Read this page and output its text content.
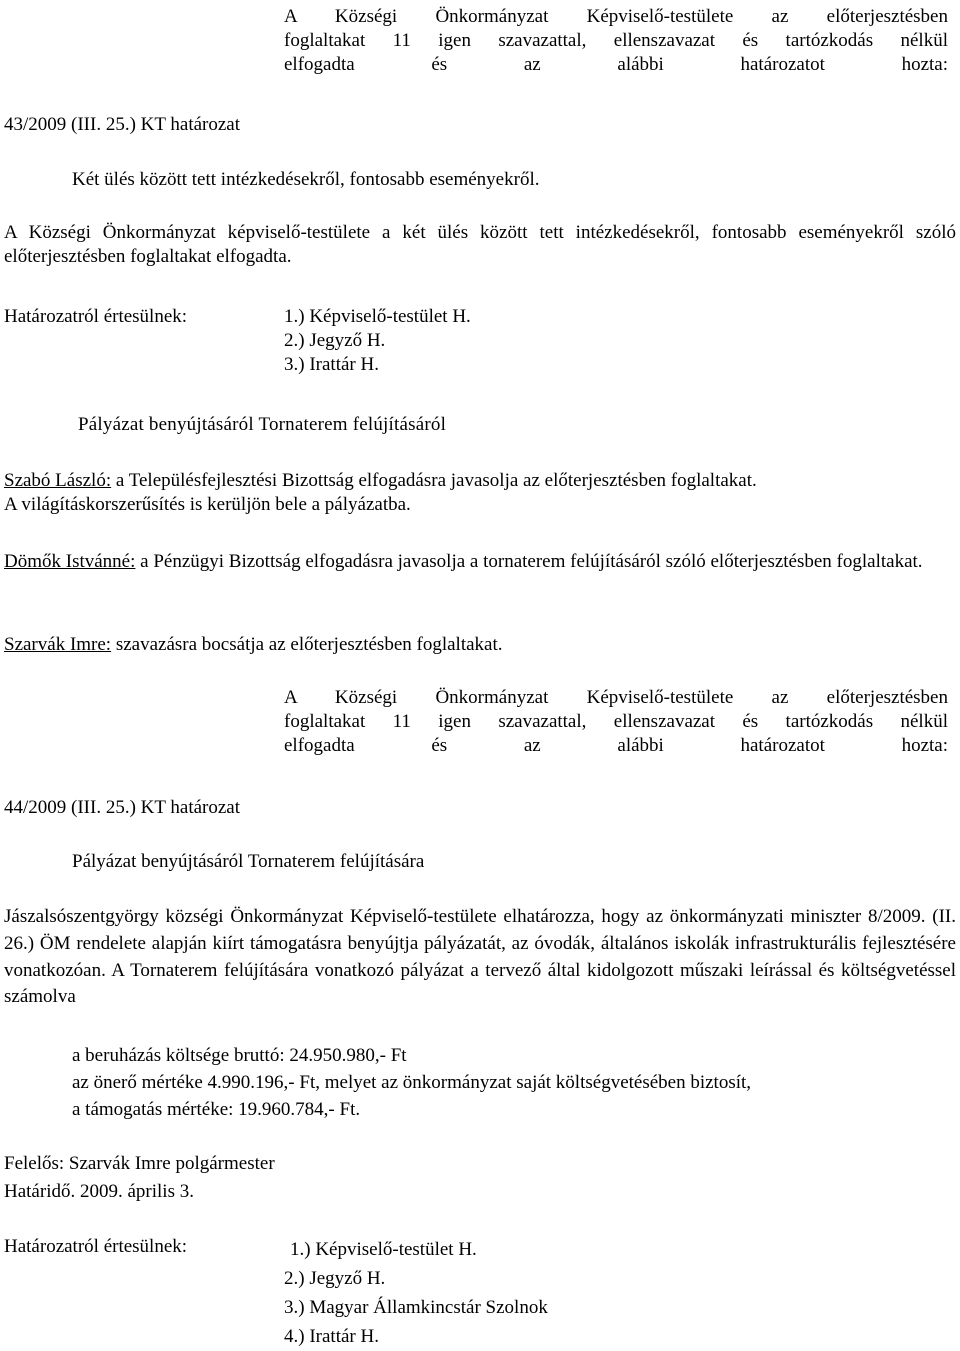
A Községi Önkormányzat Képviselő-testülete az előterjesztésben
foglaltakat 11 igen szavazattal, ellenszavazat és tartózkodás nélkül
elfogadta és az alábbi határozatot hozta:
43/2009 (III. 25.) KT határozat
Két ülés között tett intézkedésekről, fontosabb eseményekről.
A Községi Önkormányzat képviselő-testülete a két ülés között tett intézkedésekről, fontosabb eseményekről szóló előterjesztésben foglaltakat elfogadta.
Határozatról értesülnek:	1.) Képviselő-testület H.
2.) Jegyző H.
3.) Irattár H.
Pályázat benyújtásáról Tornaterem felújításáról
Szabó László: a Településfejlesztési Bizottság elfogadásra javasolja az előterjesztésben foglaltakat.
A világításkorszerűsítés is kerüljön bele a pályázatba.
Dömők Istvánné: a Pénzügyi Bizottság elfogadásra javasolja a tornaterem felújításáról szóló előterjesztésben foglaltakat.
Szarvák Imre: szavazásra bocsátja az előterjesztésben foglaltakat.
A Községi Önkormányzat Képviselő-testülete az előterjesztésben
foglaltakat 11 igen szavazattal, ellenszavazat és tartózkodás nélkül
elfogadta és az alábbi határozatot hozta:
44/2009 (III. 25.) KT határozat
Pályázat benyújtásáról Tornaterem felújítására
Jászalsószentgyörgy községi Önkormányzat Képviselő-testülete elhatározza, hogy az önkormányzati miniszter 8/2009. (II. 26.) ÖM rendelete alapján kiírt támogatásra benyújtja pályázatát, az óvodák, általános iskolák infrastrukturális fejlesztésére vonatkozóan. A Tornaterem felújítására vonatkozó pályázat a tervező által kidolgozott műszaki leírással és költségvetéssel számolva
a beruházás költsége bruttó: 24.950.980,- Ft
az önerő mértéke 4.990.196,- Ft, melyet az önkormányzat saját költségvetésében biztosít,
a támogatás mértéke: 19.960.784,- Ft.
Felelős: Szarvák Imre polgármester
Határidő. 2009. április 3.
Határozatról értesülnek:	1.) Képviselő-testület H.
2.) Jegyző H.
3.) Magyar Államkincstár Szolnok
4.) Irattár H.
